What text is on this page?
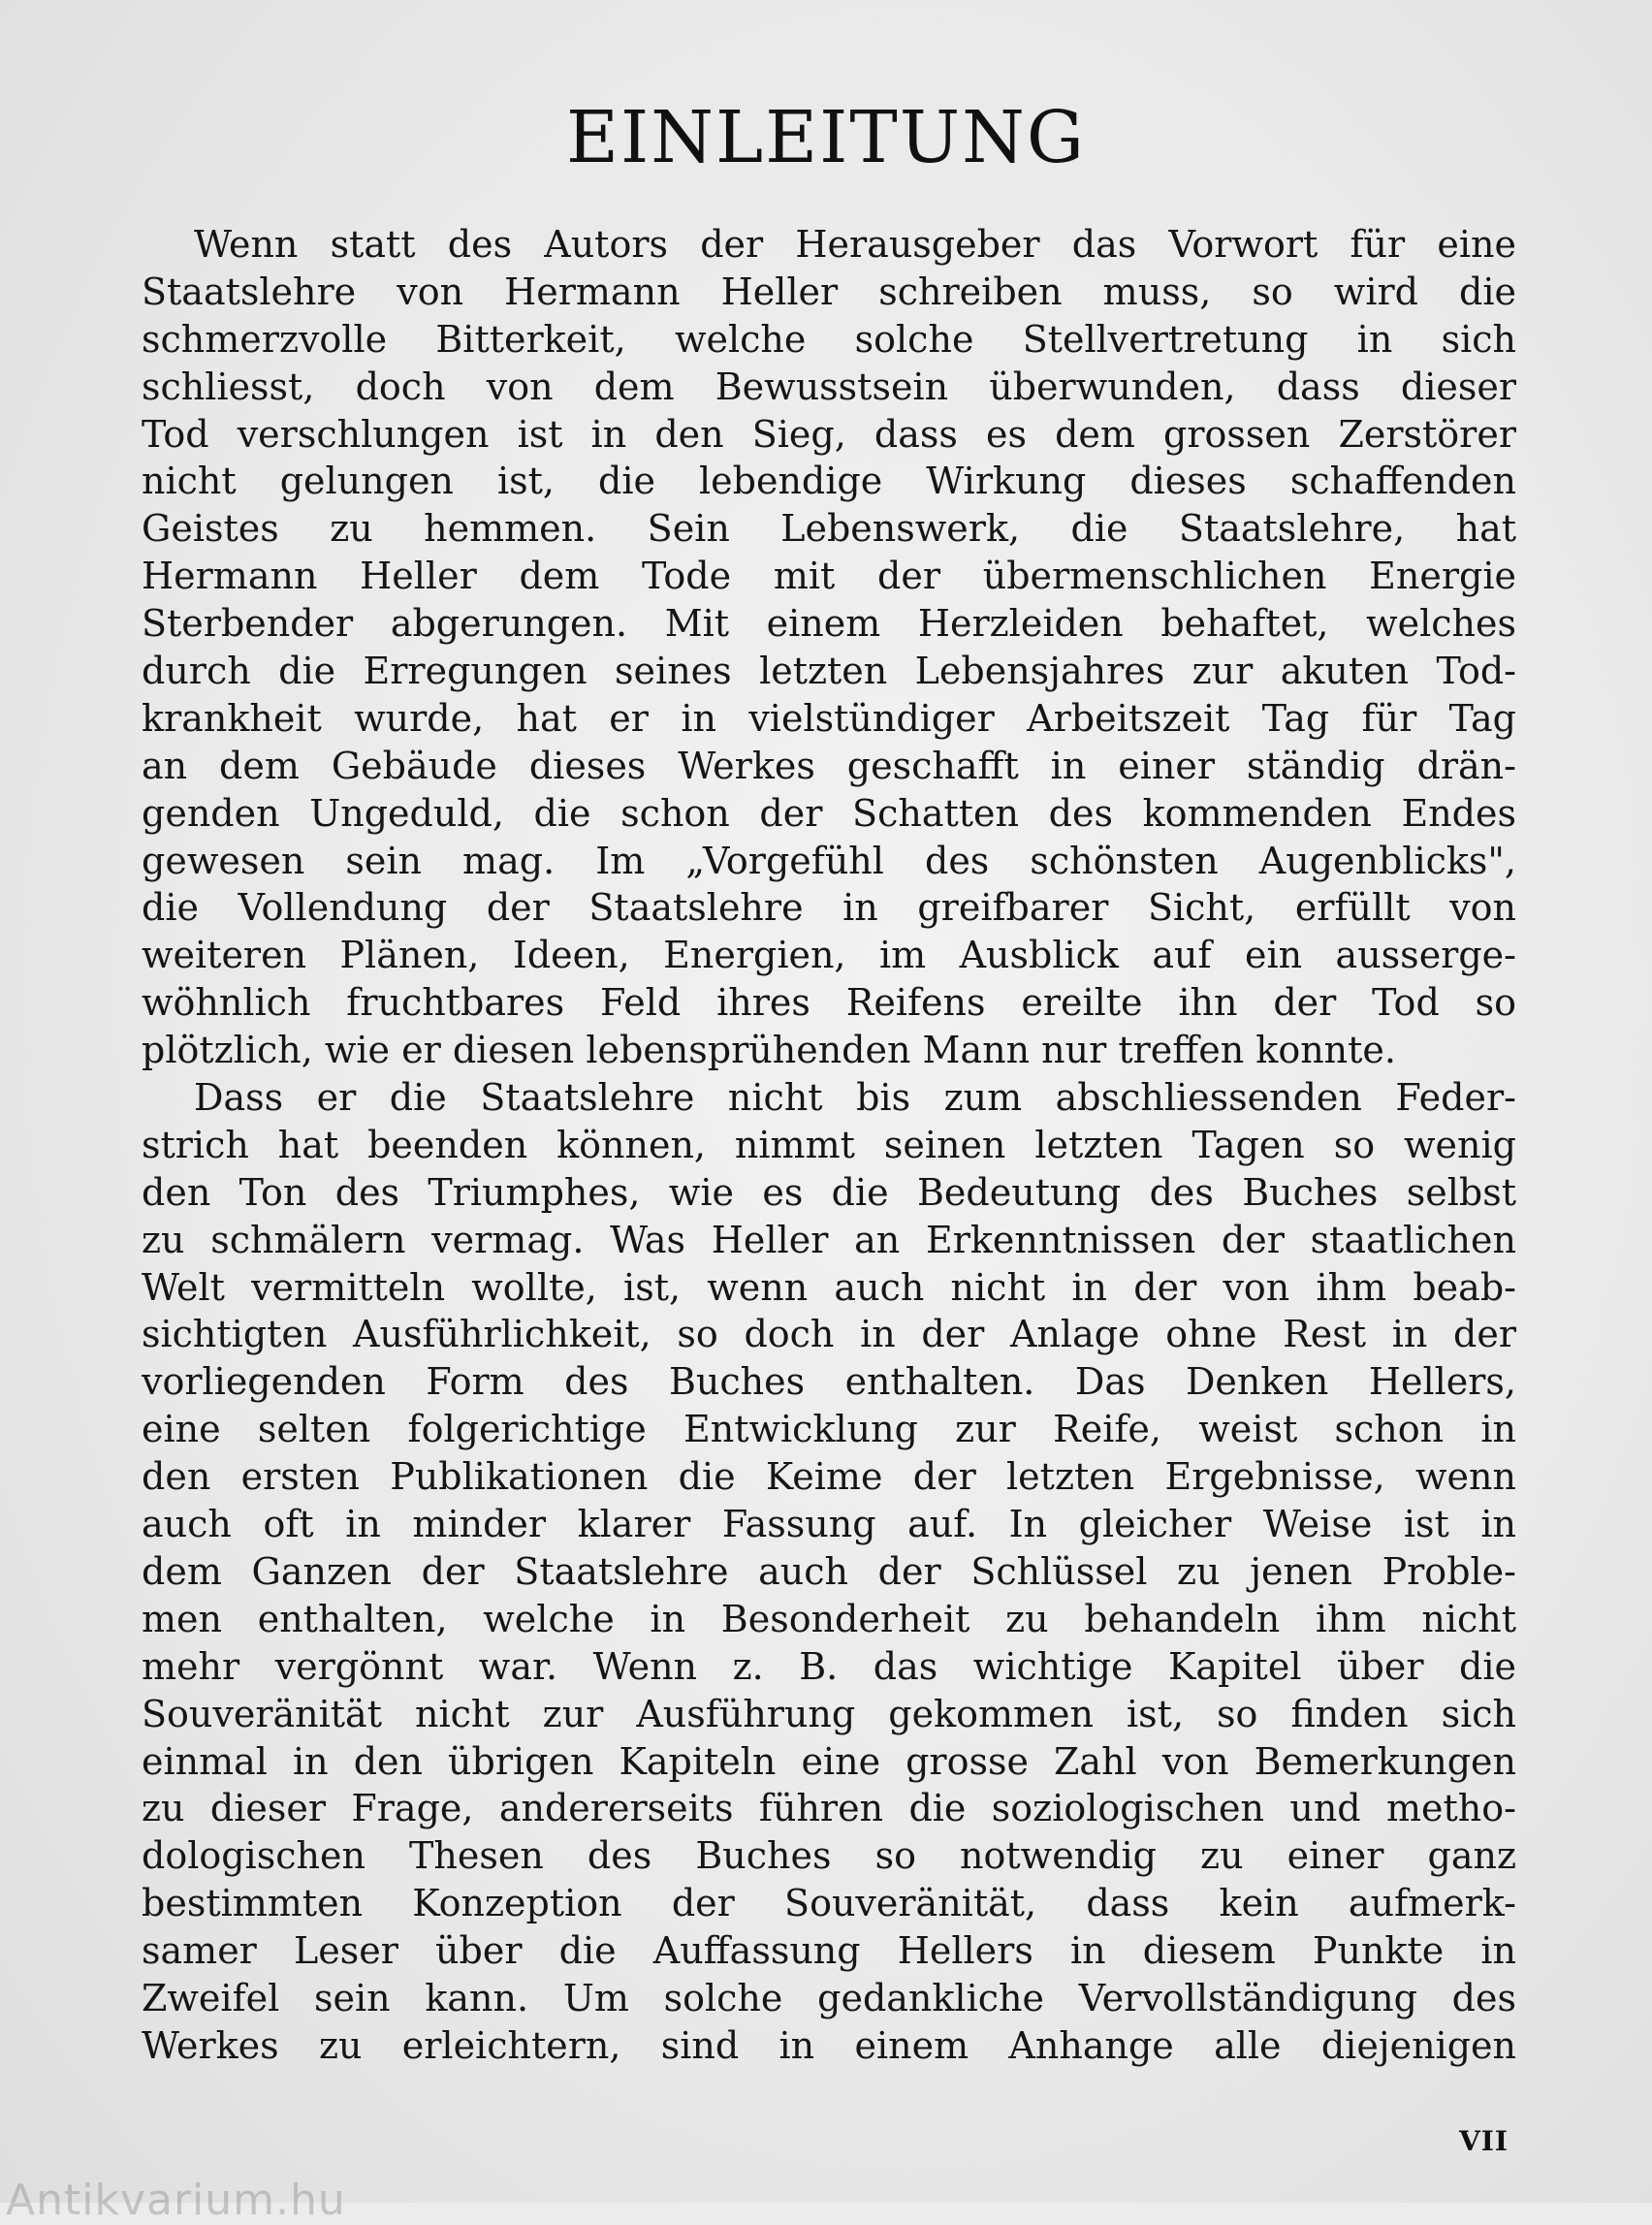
EINLEITUNG
Wenn statt des Autors der Herausgeber das Vorwort für eine
Staatslehre von Hermann Heller schreiben muss, so wird die
schmerzvolle Bitterkeit, welche solche Stellvertretung in sich
schliesst, doch von dem Bewusstsein überwunden, dass dieser
Tod verschlungen ist in den Sieg, dass es dem grossen Zerstörer
nicht gelungen ist, die lebendige Wirkung dieses schaffenden
Geistes zu hemmen. Sein Lebenswerk, die Staatslehre, hat
Hermann Heller dem Tode mit der übermenschlichen Energie
Sterbender abgerungen. Mit einem Herzleiden behaftet, welches
durch die Erregungen seines letzten Lebensjahres zur akuten Tod-
krankheit wurde, hat er in vielstündiger Arbeitszeit Tag für Tag
an dem Gebäude dieses Werkes geschafft in einer ständig drän-
genden Ungeduld, die schon der Schatten des kommenden Endes
gewesen sein mag. Im „Vorgefühl des schönsten Augenblicks",
die Vollendung der Staatslehre in greifbarer Sicht, erfüllt von
weiteren Plänen, Ideen, Energien, im Ausblick auf ein ausserge-
wöhnlich fruchtbares Feld ihres Reifens ereilte ihn der Tod so
plötzlich, wie er diesen lebensprühenden Mann nur treffen konnte.
Dass er die Staatslehre nicht bis zum abschliessenden Feder-
strich hat beenden können, nimmt seinen letzten Tagen so wenig
den Ton des Triumphes, wie es die Bedeutung des Buches selbst
zu schmälern vermag. Was Heller an Erkenntnissen der staatlichen
Welt vermitteln wollte, ist, wenn auch nicht in der von ihm beab-
sichtigten Ausführlichkeit, so doch in der Anlage ohne Rest in der
vorliegenden Form des Buches enthalten. Das Denken Hellers,
eine selten folgerichtige Entwicklung zur Reife, weist schon in
den ersten Publikationen die Keime der letzten Ergebnisse, wenn
auch oft in minder klarer Fassung auf. In gleicher Weise ist in
dem Ganzen der Staatslehre auch der Schlüssel zu jenen Proble-
men enthalten, welche in Besonderheit zu behandeln ihm nicht
mehr vergönnt war. Wenn z. B. das wichtige Kapitel über die
Souveränität nicht zur Ausführung gekommen ist, so finden sich
einmal in den übrigen Kapiteln eine grosse Zahl von Bemerkungen
zu dieser Frage, andererseits führen die soziologischen und metho-
dologischen Thesen des Buches so notwendig zu einer ganz
bestimmten Konzeption der Souveränität, dass kein aufmerk-
samer Leser über die Auffassung Hellers in diesem Punkte in
Zweifel sein kann. Um solche gedankliche Vervollständigung des
Werkes zu erleichtern, sind in einem Anhange alle diejenigen
VII
Antikvarium.hu
